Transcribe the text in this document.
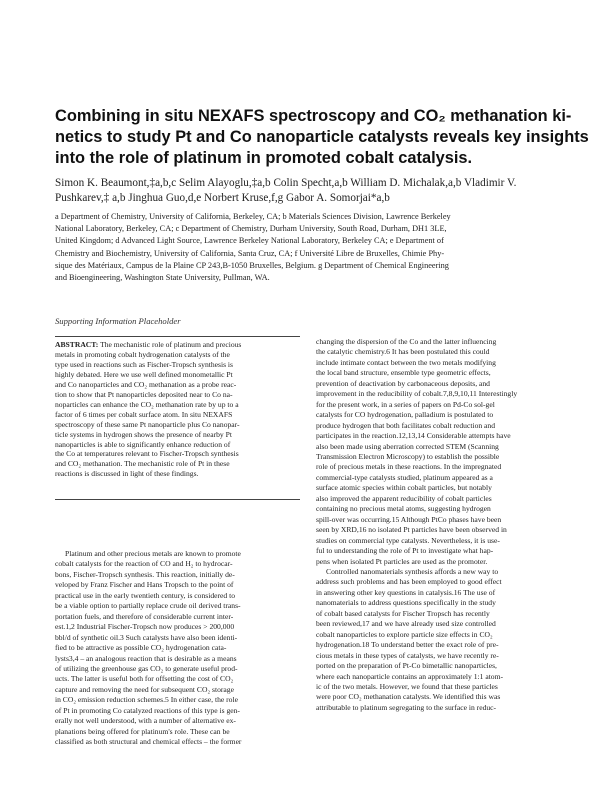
Combining in situ NEXAFS spectroscopy and CO₂ methanation ki-
netics to study Pt and Co nanoparticle catalysts reveals key insights
into the role of platinum in promoted cobalt catalysis.
Simon K. Beaumont,‡a,b,c Selim Alayoglu,‡a,b Colin Specht,a,b William D. Michalak,a,b Vladimir V.
Pushkarev,‡ a,b Jinghua Guo,d,e Norbert Kruse,f,g Gabor A. Somorjai*a,b
a Department of Chemistry, University of California, Berkeley, CA; b Materials Sciences Division, Lawrence Berkeley
National Laboratory, Berkeley, CA; c Department of Chemistry, Durham University, South Road, Durham, DH1 3LE,
United Kingdom; d Advanced Light Source, Lawrence Berkeley National Laboratory, Berkeley CA; e Department of
Chemistry and Biochemistry, University of California, Santa Cruz, CA; f Université Libre de Bruxelles, Chimie Phy-
sique des Matériaux, Campus de la Plaine CP 243,B-1050 Bruxelles, Belgium. g Department of Chemical Engineering
and Bioengineering, Washington State University, Pullman, WA.
Supporting Information Placeholder
ABSTRACT: The mechanistic role of platinum and precious
metals in promoting cobalt hydrogenation catalysts of the
type used in reactions such as Fischer-Tropsch synthesis is
highly debated. Here we use well defined monometallic Pt
and Co nanoparticles and CO₂ methanation as a probe reac-
tion to show that Pt nanoparticles deposited near to Co na-
noparticles can enhance the CO₂ methanation rate by up to a
factor of 6 times per cobalt surface atom. In situ NEXAFS
spectroscopy of these same Pt nanoparticle plus Co nanopar-
ticle systems in hydrogen shows the presence of nearby Pt
nanoparticles is able to significantly enhance reduction of
the Co at temperatures relevant to Fischer-Tropsch synthesis
and CO₂ methanation. The mechanistic role of Pt in these
reactions is discussed in light of these findings.
Platinum and other precious metals are known to promote
cobalt catalysts for the reaction of CO and H₂ to hydrocar-
bons, Fischer-Tropsch synthesis. This reaction, initially de-
veloped by Franz Fischer and Hans Tropsch to the point of
practical use in the early twentieth century, is considered to
be a viable option to partially replace crude oil derived trans-
portation fuels, and therefore of considerable current inter-
est.1,2 Industrial Fischer-Tropsch now produces > 200,000
bbl/d of synthetic oil.3 Such catalysts have also been identi-
fied to be attractive as possible CO₂ hydrogenation cata-
lysts3,4 – an analogous reaction that is desirable as a means
of utilizing the greenhouse gas CO₂ to generate useful prod-
ucts. The latter is useful both for offsetting the cost of CO₂
capture and removing the need for subsequent CO₂ storage
in CO₂ emission reduction schemes.5 In either case, the role
of Pt in promoting Co catalyzed reactions of this type is gen-
erally not well understood, with a number of alternative ex-
planations being offered for platinum's role. These can be
classified as both structural and chemical effects – the former
changing the dispersion of the Co and the latter influencing
the catalytic chemistry.6 It has been postulated this could
include intimate contact between the two metals modifying
the local band structure, ensemble type geometric effects,
prevention of deactivation by carbonaceous deposits, and
improvement in the reducibility of cobalt.7,8,9,10,11 Interestingly
for the present work, in a series of papers on Pd-Co sol-gel
catalysts for CO hydrogenation, palladium is postulated to
produce hydrogen that both facilitates cobalt reduction and
participates in the reaction.12,13,14 Considerable attempts have
also been made using aberration corrected STEM (Scanning
Transmission Electron Microscopy) to establish the possible
role of precious metals in these reactions. In the impregnated
commercial-type catalysts studied, platinum appeared as a
surface atomic species within cobalt particles, but notably
also improved the apparent reducibility of cobalt particles
containing no precious metal atoms, suggesting hydrogen
spill-over was occurring.15 Although PtCo phases have been
seen by XRD,16 no isolated Pt particles have been observed in
studies on commercial type catalysts. Nevertheless, it is use-
ful to understanding the role of Pt to investigate what hap-
pens when isolated Pt particles are used as the promoter.
Controlled nanomaterials synthesis affords a new way to
address such problems and has been employed to good effect
in answering other key questions in catalysis.16 The use of
nanomaterials to address questions specifically in the study
of cobalt based catalysts for Fischer Tropsch has recently
been reviewed,17 and we have already used size controlled
cobalt nanoparticles to explore particle size effects in CO₂
hydrogenation.18 To understand better the exact role of pre-
cious metals in these types of catalysts, we have recently re-
ported on the preparation of Pt-Co bimetallic nanoparticles,
where each nanoparticle contains an approximately 1:1 atom-
ic of the two metals. However, we found that these particles
were poor CO₂ methanation catalysts. We identified this was
attributable to platinum segregating to the surface in reduc-
